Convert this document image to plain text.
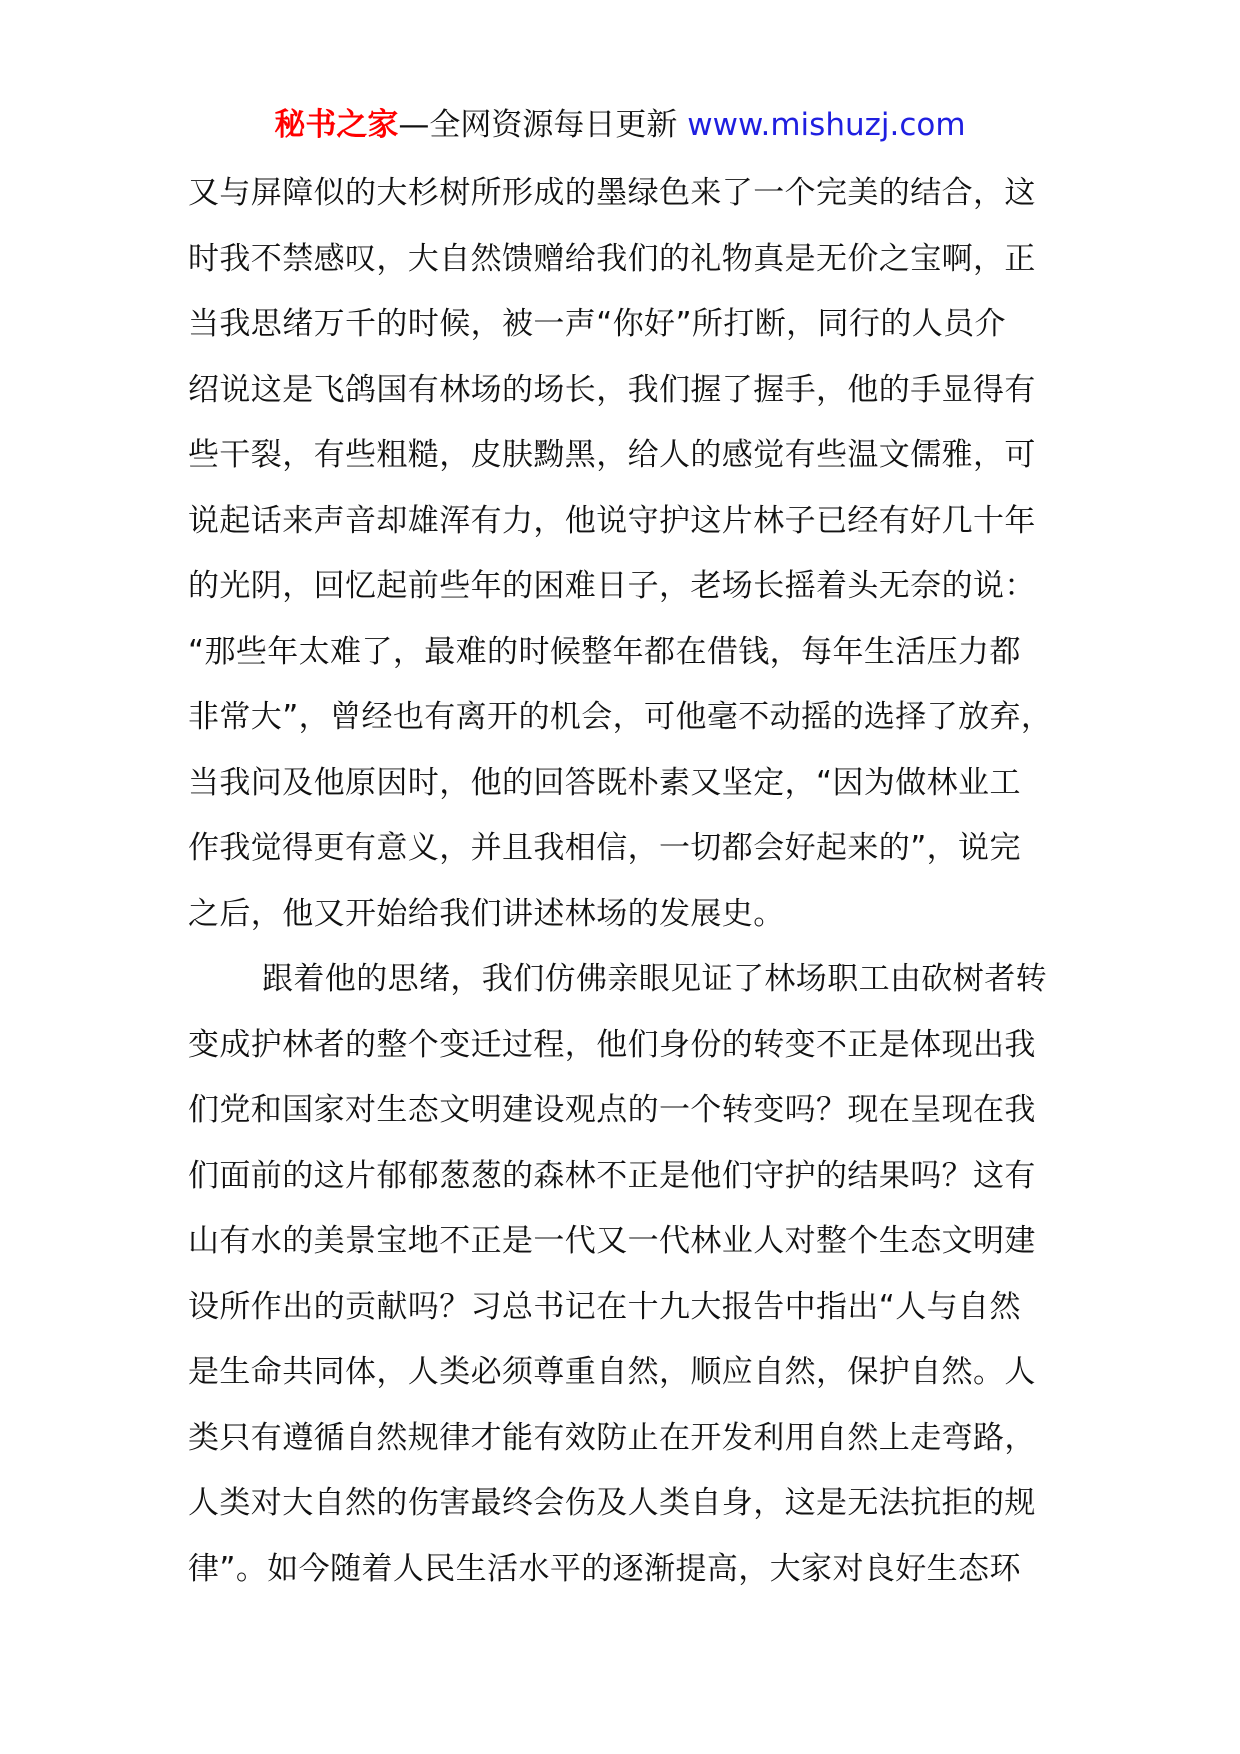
秘书之家—全网资源每日更新 www.mishuzj.com
又与屏障似的大杉树所形成的墨绿色来了一个完美的结合，这
时我不禁感叹，大自然馈赠给我们的礼物真是无价之宝啊，正
当我思绪万千的时候，被一声“你好”所打断，同行的人员介
绍说这是飞鸽国有林场的场长，我们握了握手，他的手显得有
些干裂，有些粗糙，皮肤黝黑，给人的感觉有些温文儒雅，可
说起话来声音却雄浑有力，他说守护这片林子已经有好几十年
的光阴，回忆起前些年的困难日子，老场长摇着头无奈的说：
“那些年太难了，最难的时候整年都在借钱，每年生活压力都
非常大”，曾经也有离开的机会，可他毫不动摇的选择了放弃，
当我问及他原因时，他的回答既朴素又坚定，“因为做林业工
作我觉得更有意义，并且我相信，一切都会好起来的”，说完
之后，他又开始给我们讲述林场的发展史。
跟着他的思绪，我们仿佛亲眼见证了林场职工由砍树者转
变成护林者的整个变迁过程，他们身份的转变不正是体现出我
们党和国家对生态文明建设观点的一个转变吗？现在呈现在我
们面前的这片郁郁葱葱的森林不正是他们守护的结果吗？这有
山有水的美景宝地不正是一代又一代林业人对整个生态文明建
设所作出的贡献吗？习总书记在十九大报告中指出“人与自然
是生命共同体，人类必须尊重自然，顺应自然，保护自然。人
类只有遵循自然规律才能有效防止在开发利用自然上走弯路，
人类对大自然的伤害最终会伤及人类自身，这是无法抗拒的规
律”。如今随着人民生活水平的逐渐提高，大家对良好生态环
